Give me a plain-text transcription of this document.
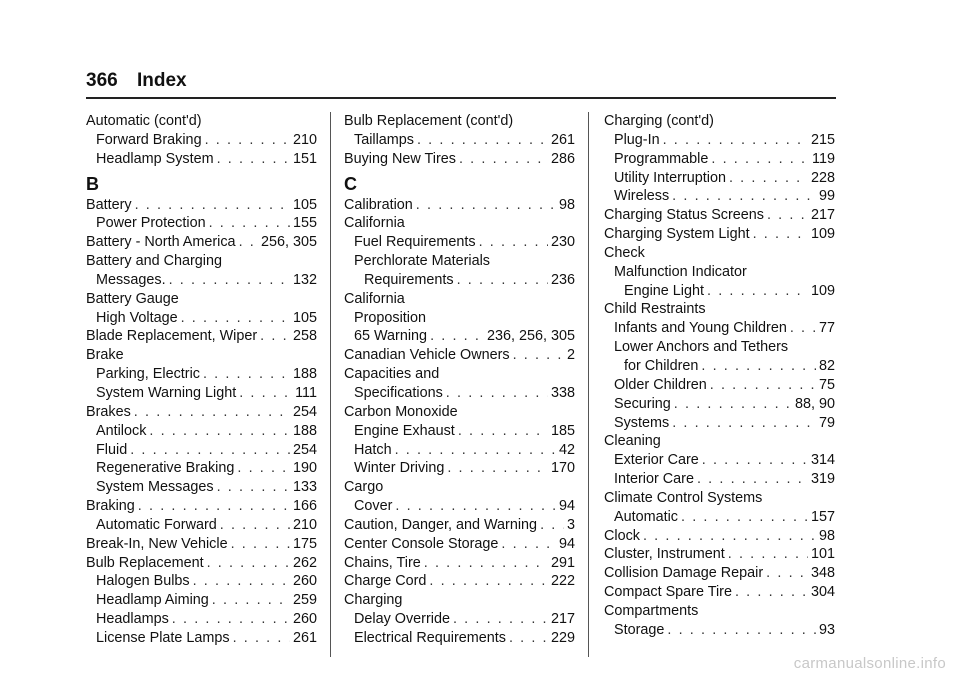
366 Index
Automatic (cont'd)
Forward Braking . . .	210
Headlamp System . . .	151
B
Battery . . .	105
Power Protection . . .	155
Battery - North America . . . 256, 305
Battery and Charging
Messages. . . .	132
Battery Gauge
High Voltage . . .	105
Blade Replacement, Wiper . . . 258
Brake
Parking, Electric . . .	188
System Warning Light . . .	111
Brakes . . .	254
Antilock . . .	188
Fluid . . .	254
Regenerative Braking . . .	190
System Messages . . .	133
Braking . . .	166
Automatic Forward . . .	210
Break-In, New Vehicle . . .	175
Bulb Replacement . . .	262
Halogen Bulbs . . .	260
Headlamp Aiming . . .	259
Headlamps . . .	260
License Plate Lamps . . .	261
Bulb Replacement (cont'd)
Taillamps . . .	261
Buying New Tires . . .	286
C
Calibration . . .	98
California
Fuel Requirements . . .	230
Perchlorate Materials
Requirements . . .	236
California
Proposition
65 Warning . . .	236, 256, 305
Canadian Vehicle Owners . . .	2
Capacities and
Specifications . . .	338
Carbon Monoxide
Engine Exhaust . . .	185
Hatch . . .	42
Winter Driving . . .	170
Cargo
Cover . . .	94
Caution, Danger, and Warning . . . 3
Center Console Storage . . .	94
Chains, Tire . . .	291
Charge Cord . . .	222
Charging
Delay Override . . .	217
Electrical Requirements . . .	229
Charging (cont'd)
Plug-In . . .	215
Programmable . . .	119
Utility Interruption . . .	228
Wireless . . .	99
Charging Status Screens . . .	217
Charging System Light . . .	109
Check
Malfunction Indicator
Engine Light . . .	109
Child Restraints
Infants and Young Children . . . 77
Lower Anchors and Tethers
for Children . . .	82
Older Children . . .	75
Securing . . .	88, 90
Systems . . .	79
Cleaning
Exterior Care . . .	314
Interior Care . . .	319
Climate Control Systems
Automatic . . .	157
Clock . . .	98
Cluster, Instrument . . .	101
Collision Damage Repair . . .	348
Compact Spare Tire . . .	304
Compartments
Storage . . .	93
carmanualsonline.info
